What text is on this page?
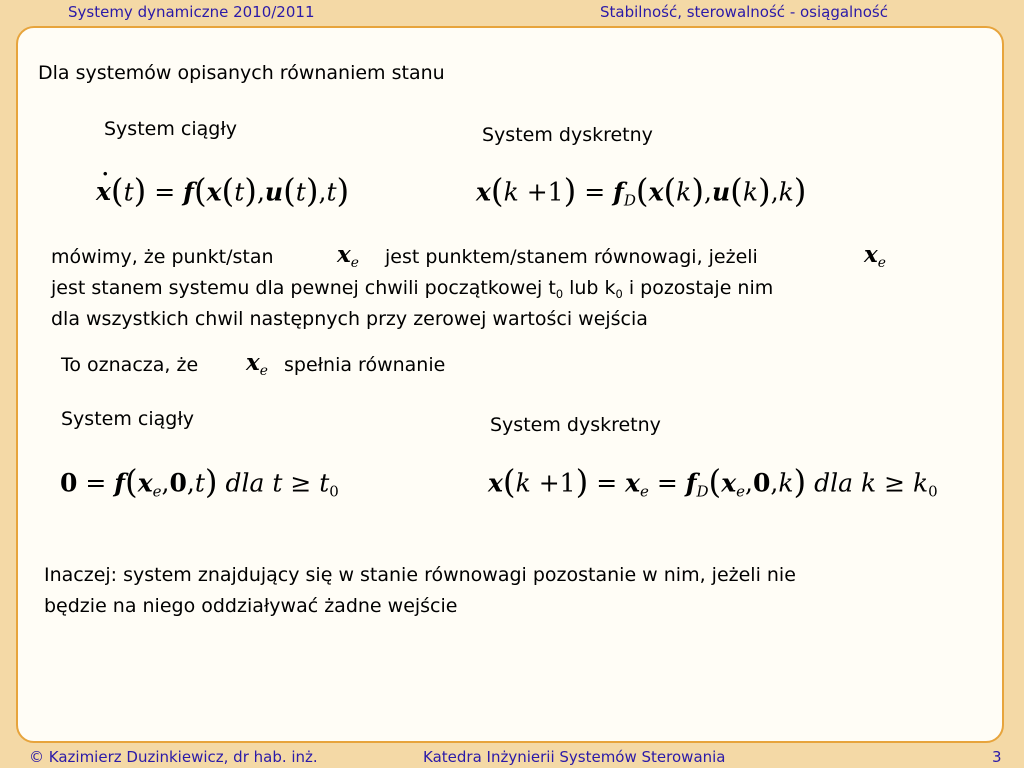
Systemy dynamiczne 2010/2011	Stabilność, sterowalność - osiągalność
Dla systemów opisanych równaniem stanu
System ciągły	System dyskretny
˙ x(t) = f(x(t),u(t),t)	$x(k +1) = f_D(x(k),u(k),k)$
mówimy, że punkt/stan	$x_e$ jest punktem/stanem równowagi, jeżeli	$x_e$
jest stanem systemu dla pewnej chwili początkowej $t_0$ lub $k_0$ i pozostaje nim
dla wszystkich chwil następnych przy zerowej wartości wejścia
To oznacza, że $x_e$ spełnia równanie
System ciągły	System dyskretny
$0 = f(x_e,0,t)$ dla $t \ge t_0$	$x(k +1) = x_e = f_D(x_e,0,k)$ dla $k \ge k_0$
Inaczej: system znajdujący się w stanie równowagi pozostanie w nim, jeżeli nie
będzie na niego oddziaływać żadne wejście
© Kazimierz Duzinkiewicz, dr hab. inż.	Katedra Inżynierii Systemów Sterowania	3
